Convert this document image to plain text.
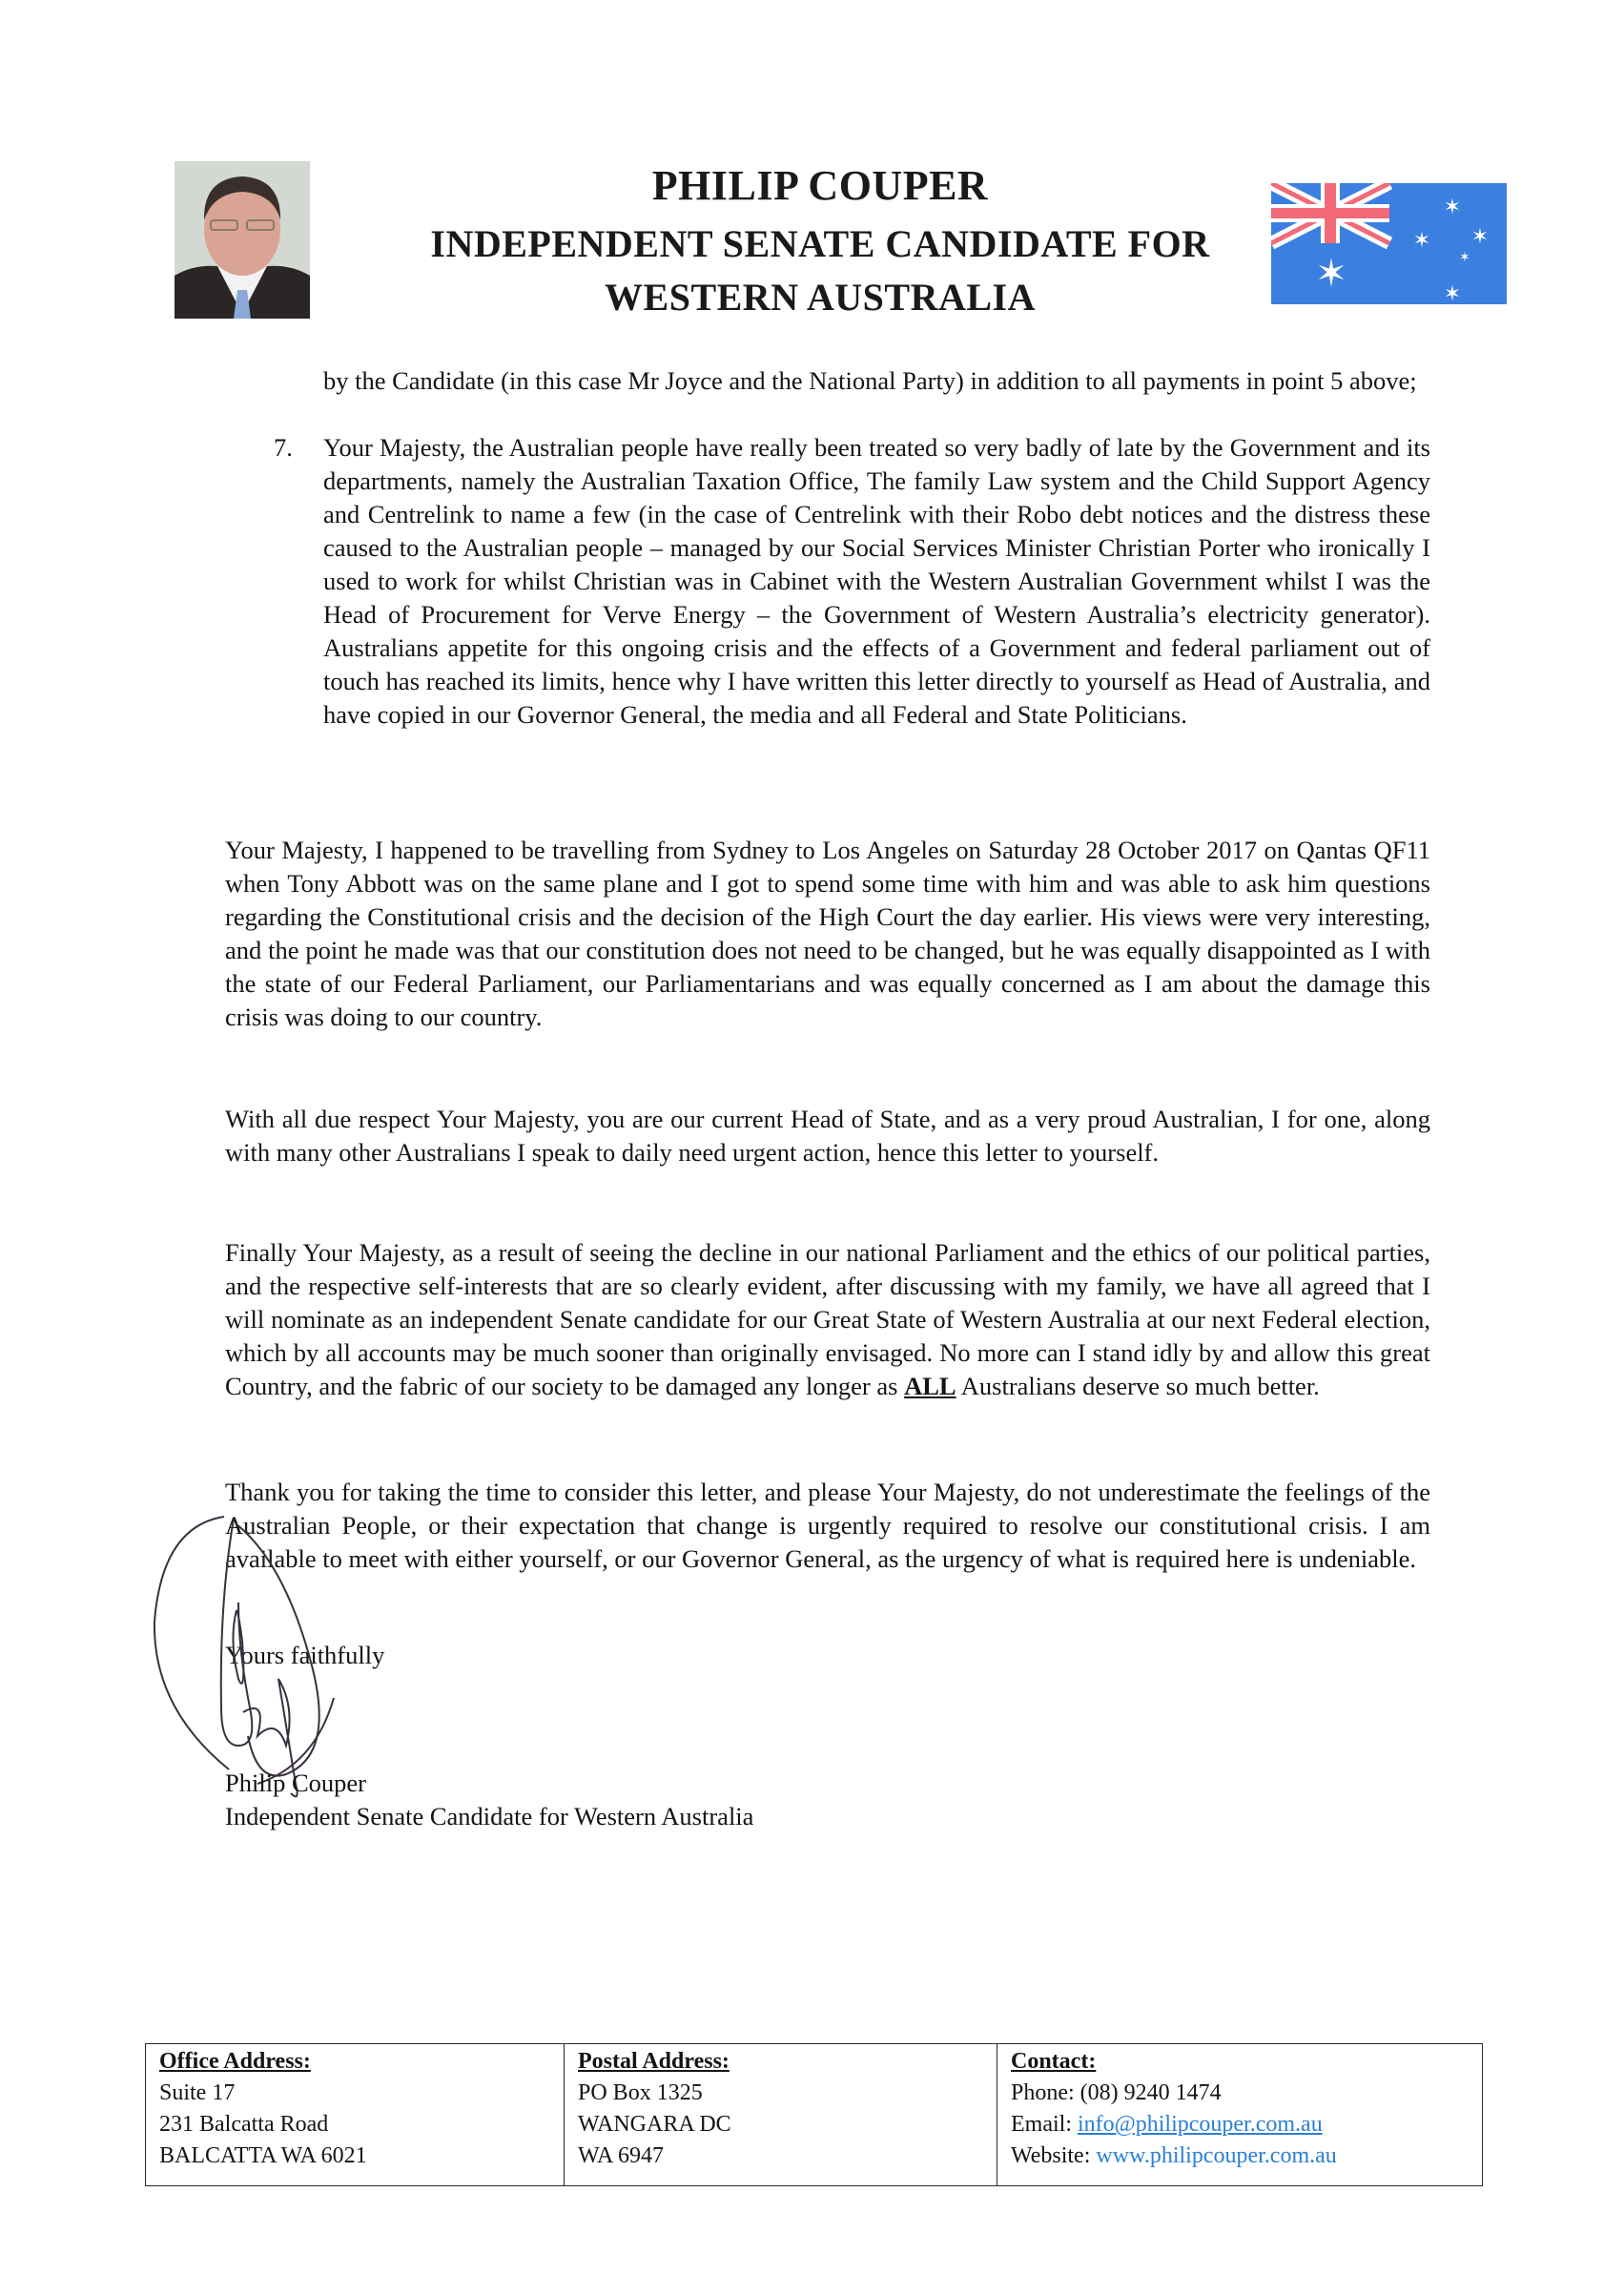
PHILIP COUPER
INDEPENDENT SENATE CANDIDATE FOR
WESTERN AUSTRALIA
✶
✶
✶ ✶
✶
✶

by the Candidate (in this case Mr Joyce and the National Party) in addition to all payments in point 5 above;

7. Your Majesty, the Australian people have really been treated so very badly of late by the Government and its departments, namely the Australian Taxation Office, The family Law system and the Child Support Agency and Centrelink to name a few (in the case of Centrelink with their Robo debt notices and the distress these caused to the Australian people – managed by our Social Services Minister Christian Porter who ironically I used to work for whilst Christian was in Cabinet with the Western Australian Government whilst I was the Head of Procurement for Verve Energy – the Government of Western Australia’s electricity generator). Australians appetite for this ongoing crisis and the effects of a Government and federal parliament out of touch has reached its limits, hence why I have written this letter directly to yourself as Head of Australia, and have copied in our Governor General, the media and all Federal and State Politicians.

Your Majesty, I happened to be travelling from Sydney to Los Angeles on Saturday 28 October 2017 on Qantas QF11 when Tony Abbott was on the same plane and I got to spend some time with him and was able to ask him questions regarding the Constitutional crisis and the decision of the High Court the day earlier. His views were very interesting, and the point he made was that our constitution does not need to be changed, but he was equally disappointed as I with the state of our Federal Parliament, our Parliamentarians and was equally concerned as I am about the damage this crisis was doing to our country.

With all due respect Your Majesty, you are our current Head of State, and as a very proud Australian, I for one, along with many other Australians I speak to daily need urgent action, hence this letter to yourself.

Finally Your Majesty, as a result of seeing the decline in our national Parliament and the ethics of our political parties, and the respective self-interests that are so clearly evident, after discussing with my family, we have all agreed that I will nominate as an independent Senate candidate for our Great State of Western Australia at our next Federal election, which by all accounts may be much sooner than originally envisaged. No more can I stand idly by and allow this great Country, and the fabric of our society to be damaged any longer as ALL Australians deserve so much better.

Thank you for taking the time to consider this letter, and please Your Majesty, do not underestimate the feelings of the Australian People, or their expectation that change is urgently required to resolve our constitutional crisis. I am available to meet with either yourself, or our Governor General, as the urgency of what is required here is undeniable.

Yours faithfully
Philip Couper
Independent Senate Candidate for Western Australia
Office Address:
Suite 17
231 Balcatta Road
BALCATTA WA 6021

Postal Address:
PO Box 1325
WANGARA DC
WA 6947

Contact:
Phone: (08) 9240 1474
Email: info@philipcouper.com.au
Website: www.philipcouper.com.au
